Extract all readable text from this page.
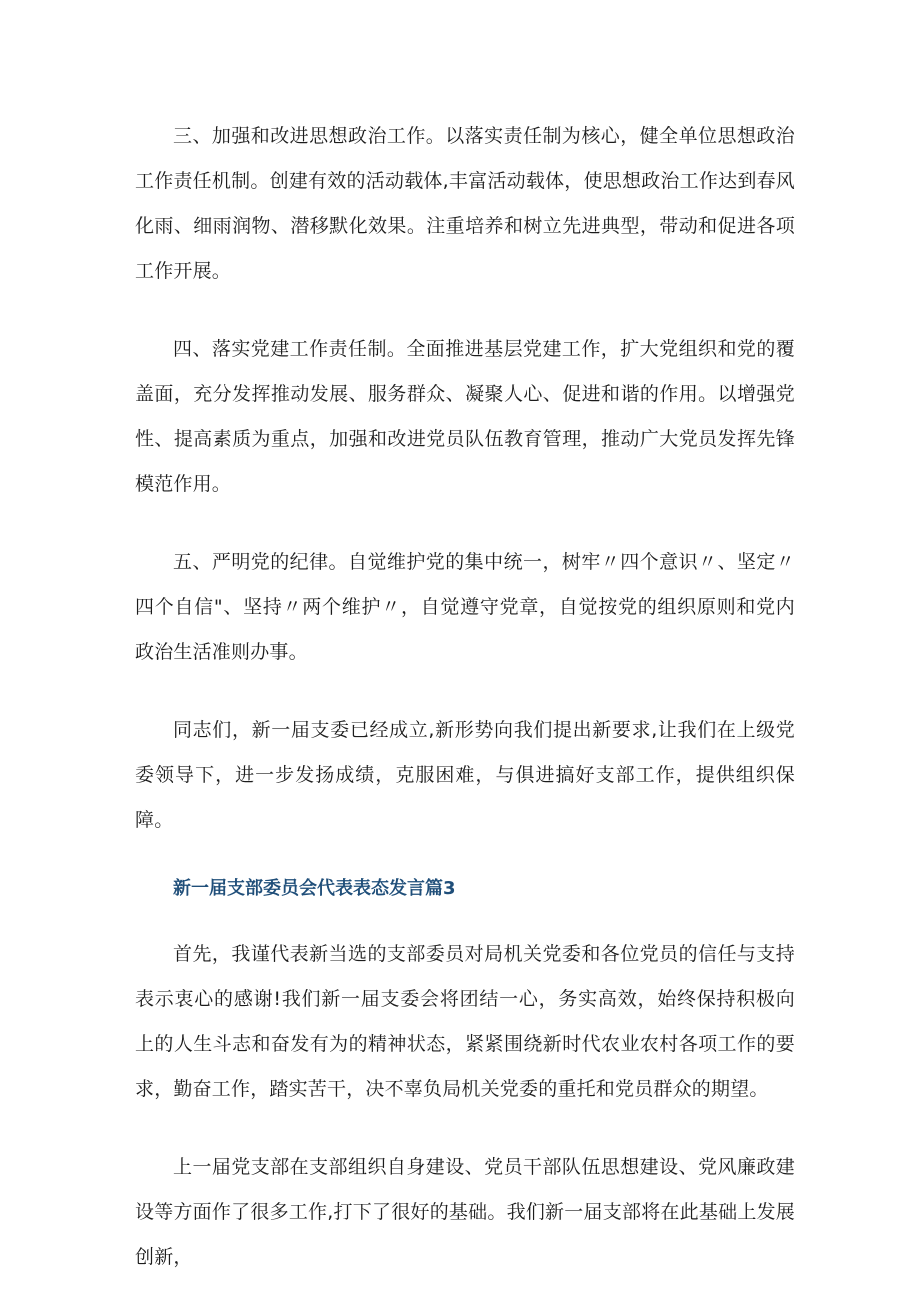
三、加强和改进思想政治工作。以落实责任制为核心，健全单位思想政治工作责任机制。创建有效的活动载体,丰富活动载体，使思想政治工作达到春风化雨、细雨润物、潜移默化效果。注重培养和树立先进典型，带动和促进各项工作开展。

四、落实党建工作责任制。全面推进基层党建工作，扩大党组织和党的覆盖面，充分发挥推动发展、服务群众、凝聚人心、促进和谐的作用。以增强党性、提高素质为重点，加强和改进党员队伍教育管理，推动广大党员发挥先锋模范作用。

五、严明党的纪律。自觉维护党的集中统一，树牢〃四个意识〃、坚定〃四个自信"、坚持〃两个维护〃，自觉遵守党章，自觉按党的组织原则和党内政治生活准则办事。

同志们，新一届支委已经成立,新形势向我们提出新要求,让我们在上级党委领导下，进一步发扬成绩，克服困难，与俱进搞好支部工作，提供组织保障。

新一届支部委员会代表表态发言篇3

首先，我谨代表新当选的支部委员对局机关党委和各位党员的信任与支持表示衷心的感谢!我们新一届支委会将团结一心，务实高效，始终保持积极向上的人生斗志和奋发有为的精神状态，紧紧围绕新时代农业农村各项工作的要求，勤奋工作，踏实苦干，决不辜负局机关党委的重托和党员群众的期望。

上一届党支部在支部组织自身建设、党员干部队伍思想建设、党风廉政建设等方面作了很多工作,打下了很好的基础。我们新一届支部将在此基础上发展创新，
